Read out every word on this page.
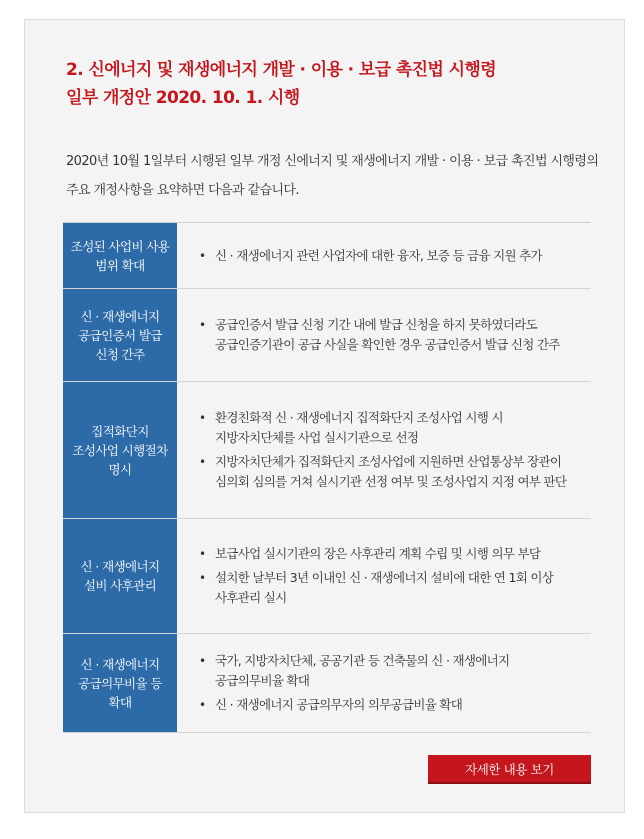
2. 신에너지 및 재생에너지 개발 · 이용 · 보급 촉진법 시행령
일부 개정안 2020. 10. 1. 시행

2020년 10월 1일부터 시행된 일부 개정 신에너지 및 재생에너지 개발 · 이용 · 보급 촉진법 시행령의 주요 개정사항을 요약하면 다음과 같습니다.

조성된 사업비 사용 범위 확대
• 신 · 재생에너지 관련 사업자에 대한 융자, 보증 등 금융 지원 추가
신 · 재생에너지 공급인증서 발급 신청 간주
• 공급인증서 발급 신청 기간 내에 발급 신청을 하지 못하였더라도 공급인증기관이 공급 사실을 확인한 경우 공급인증서 발급 신청 간주
집적화단지 조성사업 시행절차 명시
• 환경친화적 신 · 재생에너지 집적화단지 조성사업 시행 시 지방자치단체를 사업 실시기관으로 선정
• 지방자치단체가 집적화단지 조성사업에 지원하면 산업통상부 장관이 심의회 심의를 거쳐 실시기관 선정 여부 및 조성사업지 지정 여부 판단
신 · 재생에너지 설비 사후관리
• 보급사업 실시기관의 장은 사후관리 계획 수립 및 시행 의무 부담
• 설치한 날부터 3년 이내인 신 · 재생에너지 설비에 대한 연 1회 이상 사후관리 실시
신 · 재생에너지 공급의무비율 등 확대
• 국가, 지방자치단체, 공공기관 등 건축물의 신 · 재생에너지 공급의무비율 확대
• 신 · 재생에너지 공급의무자의 의무공급비율 확대
자세한 내용 보기
